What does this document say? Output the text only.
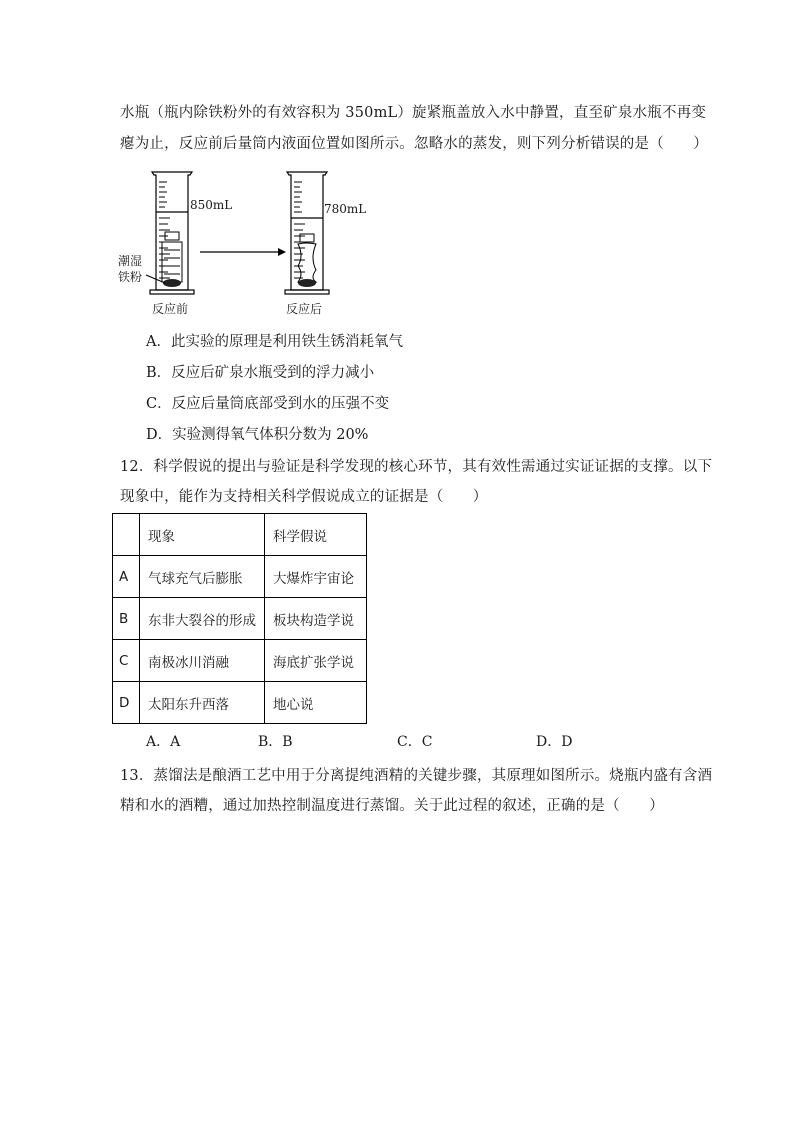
水瓶（瓶内除铁粉外的有效容积为 350mL）旋紧瓶盖放入水中静置，直至矿泉水瓶不再变
瘪为止，反应前后量筒内液面位置如图所示。忽略水的蒸发，则下列分析错误的是（　　）
850mL	780mL
潮湿
铁粉
反应前	反应后
A．此实验的原理是利用铁生锈消耗氧气
B．反应后矿泉水瓶受到的浮力减小
C．反应后量筒底部受到水的压强不变
D．实验测得氧气体积分数为 20%
12．科学假说的提出与验证是科学发现的核心环节，其有效性需通过实证证据的支撑。以下
现象中，能作为支持相关科学假说成立的证据是（　　）
	现象	科学假说
A	气球充气后膨胀	大爆炸宇宙论
B	东非大裂谷的形成	板块构造学说
C	南极冰川消融	海底扩张学说
D	太阳东升西落	地心说
A．A	B．B	C．C	D．D
13．蒸馏法是酿酒工艺中用于分离提纯酒精的关键步骤，其原理如图所示。烧瓶内盛有含酒
精和水的酒糟，通过加热控制温度进行蒸馏。关于此过程的叙述，正确的是（　　）
